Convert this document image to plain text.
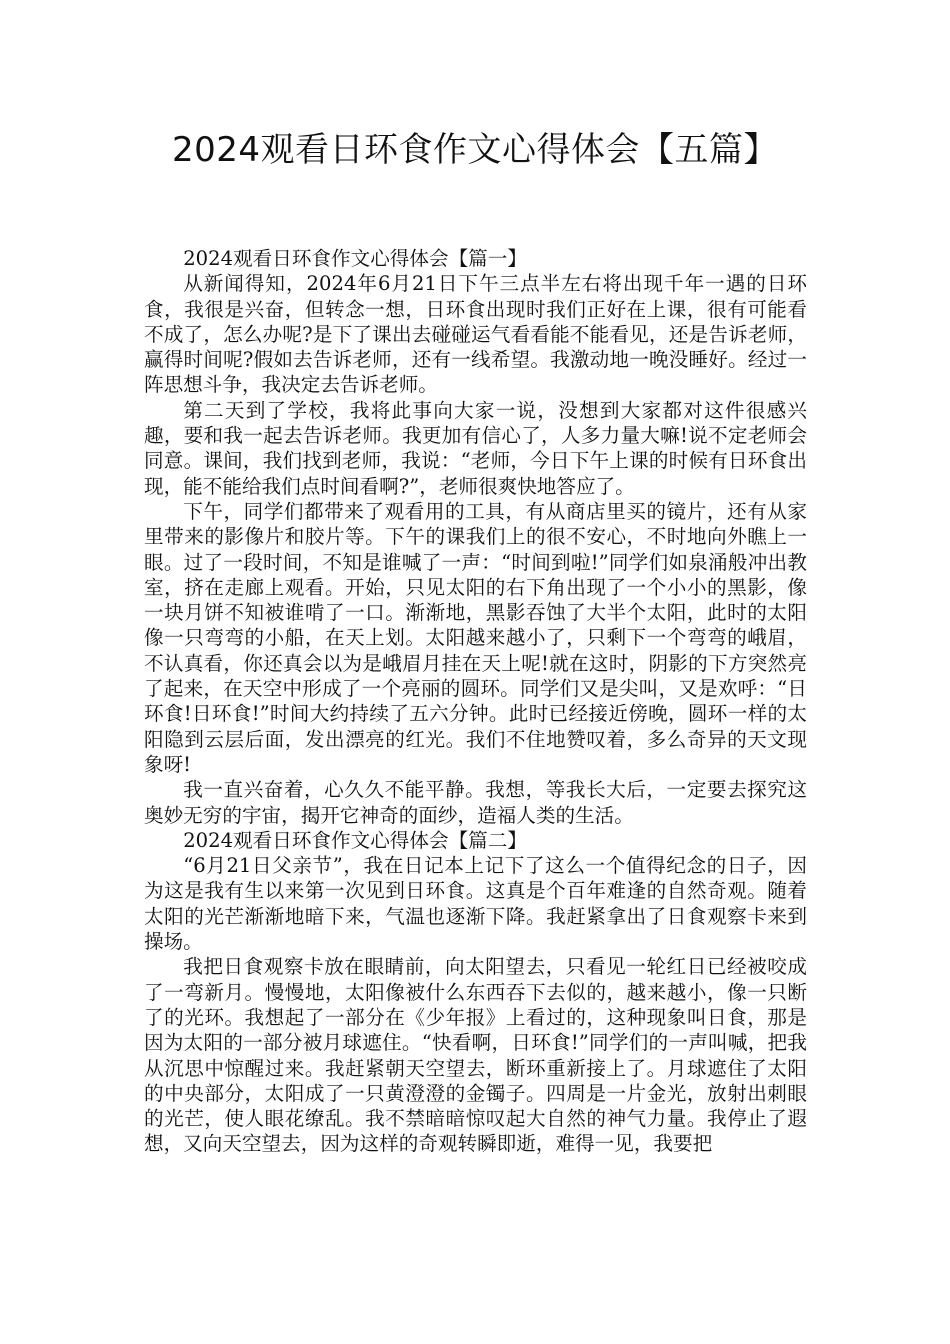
2024观看日环食作文心得体会【五篇】

2024观看日环食作文心得体会【篇一】

从新闻得知，2024年6月21日下午三点半左右将出现千年一遇的日环食，我很是兴奋，但转念一想，日环食出现时我们正好在上课，很有可能看不成了，怎么办呢?是下了课出去碰碰运气看看能不能看见，还是告诉老师，赢得时间呢?假如去告诉老师，还有一线希望。我激动地一晚没睡好。经过一阵思想斗争，我决定去告诉老师。

第二天到了学校，我将此事向大家一说，没想到大家都对这件很感兴趣，要和我一起去告诉老师。我更加有信心了，人多力量大嘛!说不定老师会同意。课间，我们找到老师，我说：“老师，今日下午上课的时候有日环食出现，能不能给我们点时间看啊?”，老师很爽快地答应了。

下午，同学们都带来了观看用的工具，有从商店里买的镜片，还有从家里带来的影像片和胶片等。下午的课我们上的很不安心，不时地向外瞧上一眼。过了一段时间，不知是谁喊了一声：“时间到啦!”同学们如泉涌般冲出教室，挤在走廊上观看。开始，只见太阳的右下角出现了一个小小的黑影，像一块月饼不知被谁啃了一口。渐渐地，黑影吞蚀了大半个太阳，此时的太阳像一只弯弯的小船，在天上划。太阳越来越小了，只剩下一个弯弯的峨眉，不认真看，你还真会以为是峨眉月挂在天上呢!就在这时，阴影的下方突然亮了起来，在天空中形成了一个亮丽的圆环。同学们又是尖叫，又是欢呼：“日环食!日环食!”时间大约持续了五六分钟。此时已经接近傍晚，圆环一样的太阳隐到云层后面，发出漂亮的红光。我们不住地赞叹着，多么奇异的天文现象呀!

我一直兴奋着，心久久不能平静。我想，等我长大后，一定要去探究这奥妙无穷的宇宙，揭开它神奇的面纱，造福人类的生活。

2024观看日环食作文心得体会【篇二】

“6月21日父亲节”，我在日记本上记下了这么一个值得纪念的日子，因为这是我有生以来第一次见到日环食。这真是个百年难逢的自然奇观。随着太阳的光芒渐渐地暗下来，气温也逐渐下降。我赶紧拿出了日食观察卡来到操场。

我把日食观察卡放在眼睛前，向太阳望去，只看见一轮红日已经被咬成了一弯新月。慢慢地，太阳像被什么东西吞下去似的，越来越小，像一只断了的光环。我想起了一部分在《少年报》上看过的，这种现象叫日食，那是因为太阳的一部分被月球遮住。“快看啊，日环食!”同学们的一声叫喊，把我从沉思中惊醒过来。我赶紧朝天空望去，断环重新接上了。月球遮住了太阳的中央部分，太阳成了一只黄澄澄的金镯子。四周是一片金光，放射出刺眼的光芒，使人眼花缭乱。我不禁暗暗惊叹起大自然的神气力量。我停止了遐想，又向天空望去，因为这样的奇观转瞬即逝，难得一见，我要把
